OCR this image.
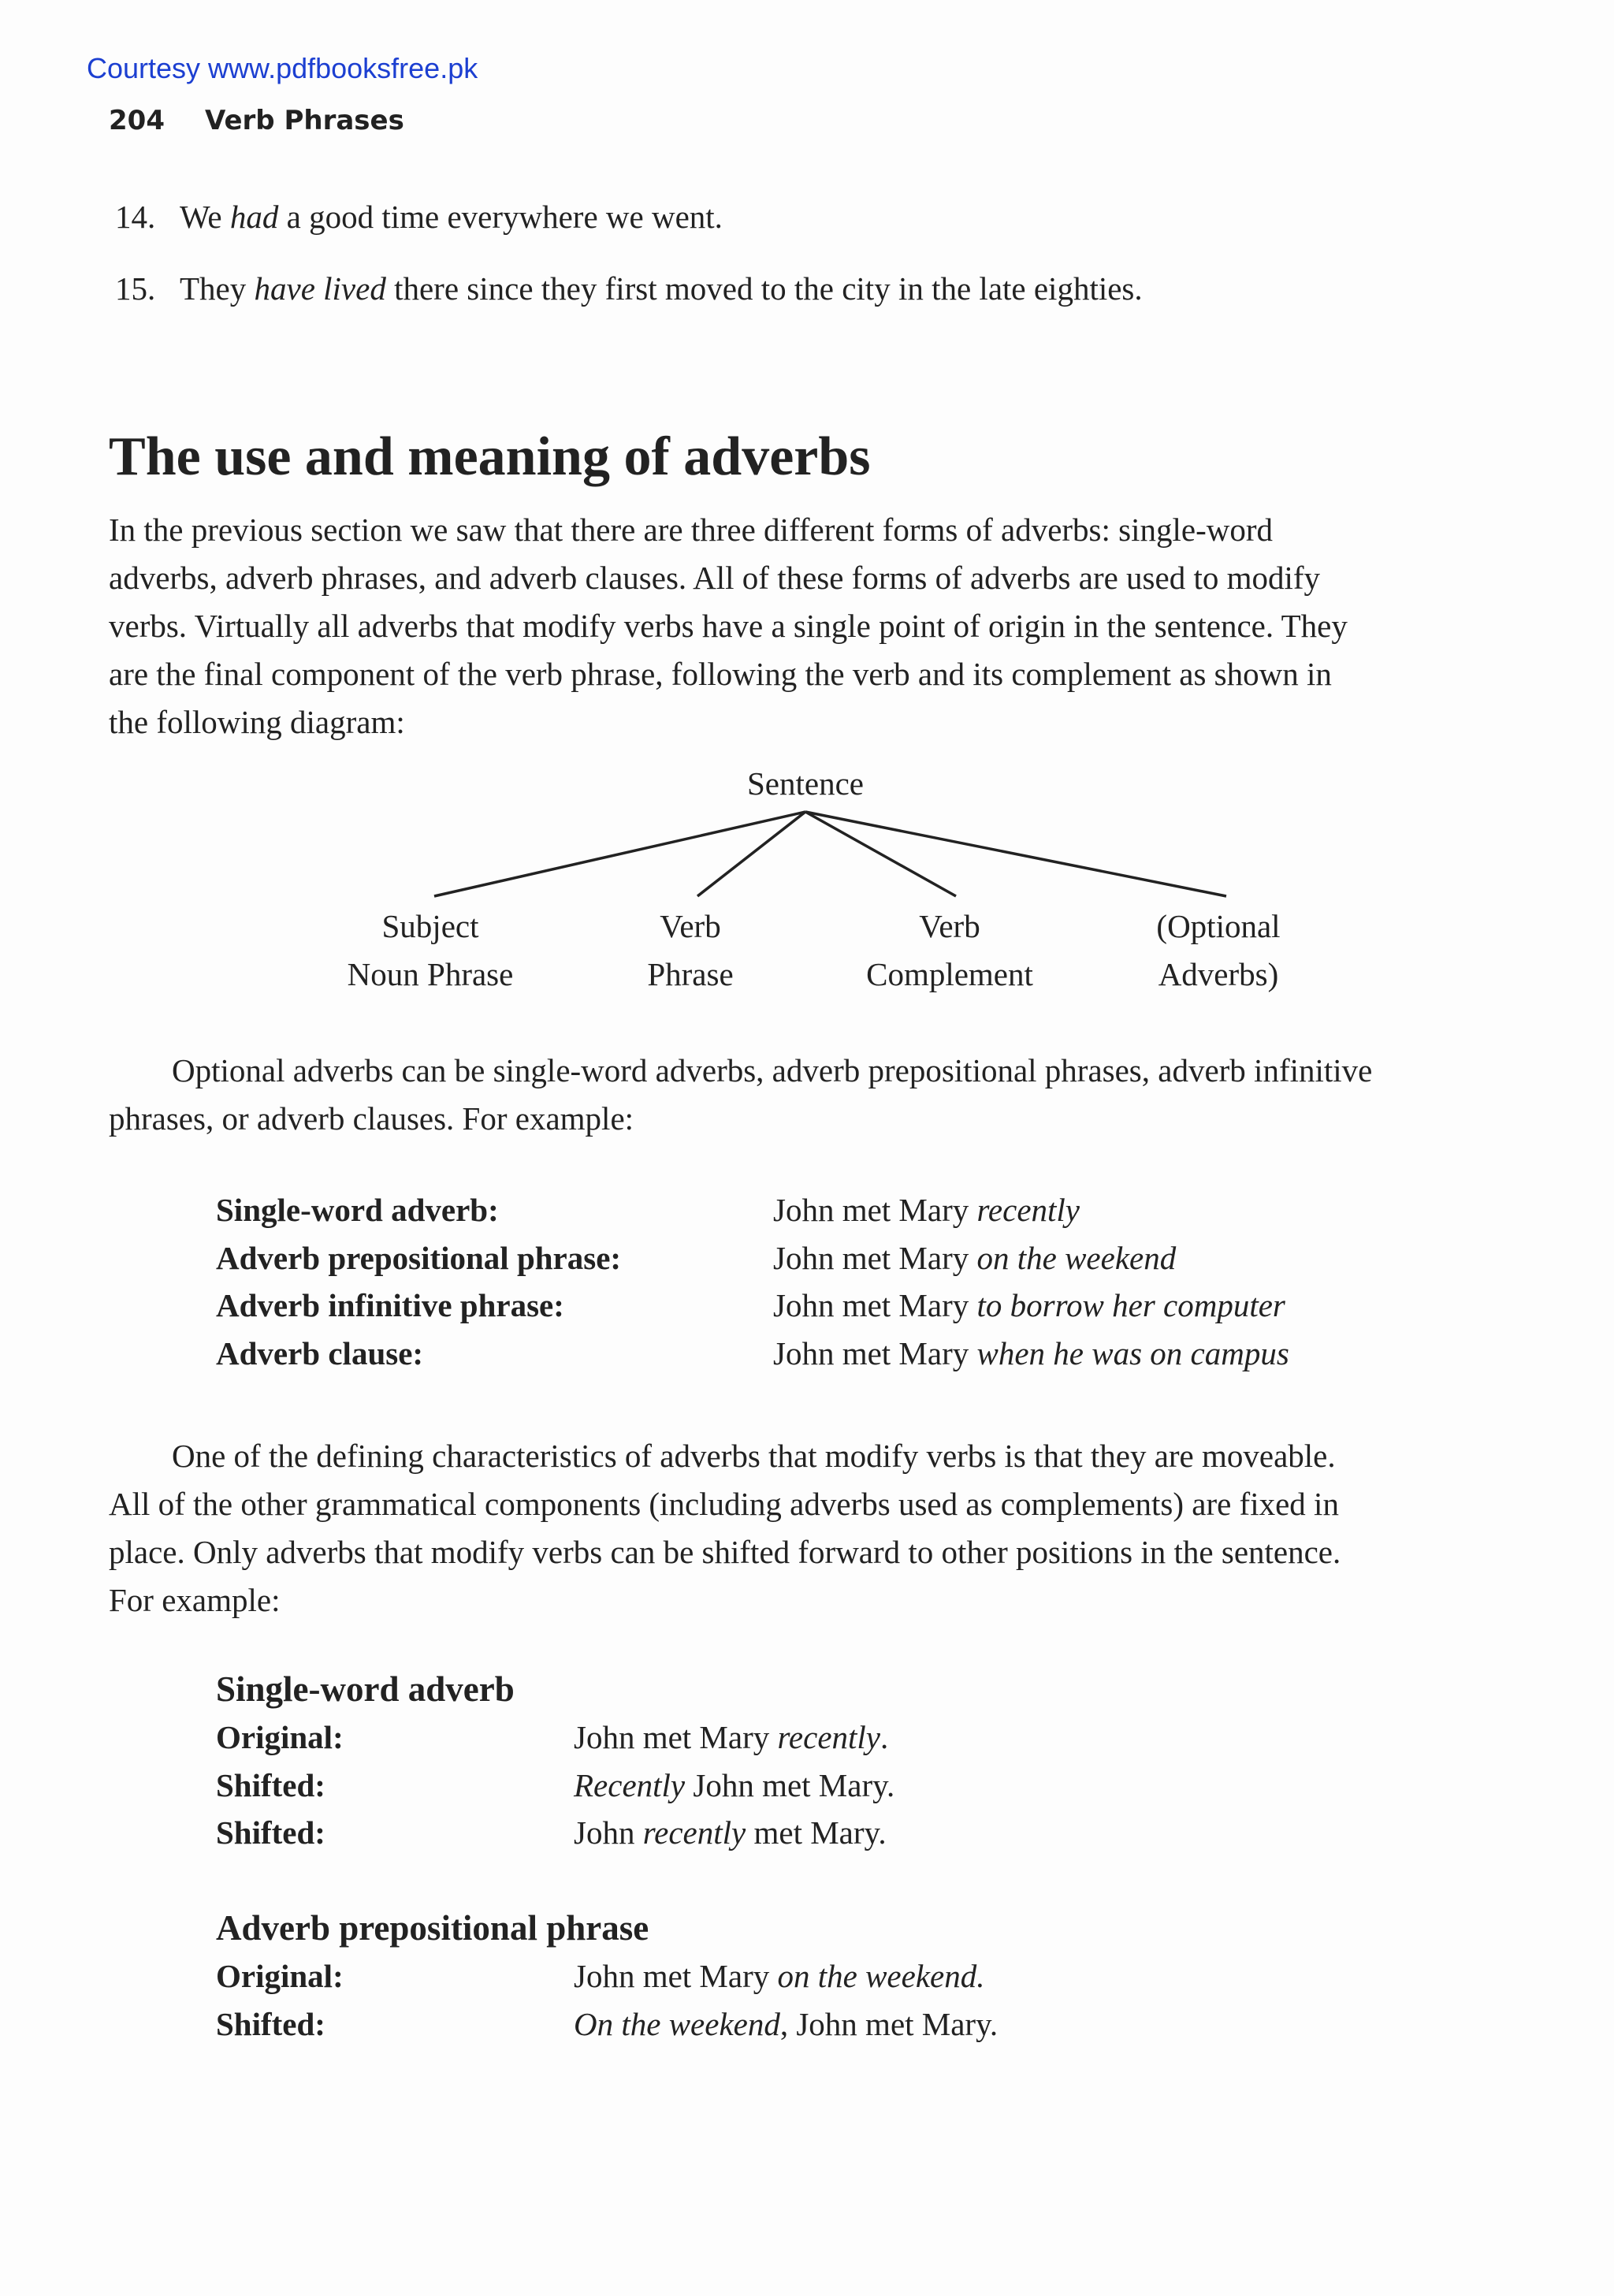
Courtesy www.pdfbooksfree.pk
204 Verb Phrases
14. We had a good time everywhere we went.
15. They have lived there since they first moved to the city in the late eighties.
The use and meaning of adverbs
In the previous section we saw that there are three different forms of adverbs: single-word
adverbs, adverb phrases, and adverb clauses. All of these forms of adverbs are used to modify
verbs. Virtually all adverbs that modify verbs have a single point of origin in the sentence. They
are the final component of the verb phrase, following the verb and its complement as shown in
the following diagram:
Sentence
Subject
Noun Phrase
Verb
Phrase
Verb
Complement
(Optional
Adverbs)
Optional adverbs can be single-word adverbs, adverb prepositional phrases, adverb infinitive
phrases, or adverb clauses. For example:
Single-word adverb:	John met Mary recently
Adverb prepositional phrase:	John met Mary on the weekend
Adverb infinitive phrase:	John met Mary to borrow her computer
Adverb clause:	John met Mary when he was on campus
One of the defining characteristics of adverbs that modify verbs is that they are moveable.
All of the other grammatical components (including adverbs used as complements) are fixed in
place. Only adverbs that modify verbs can be shifted forward to other positions in the sentence.
For example:
Single-word adverb
Original:	John met Mary recently.
Shifted:	Recently John met Mary.
Shifted:	John recently met Mary.
Adverb prepositional phrase
Original:	John met Mary on the weekend.
Shifted:	On the weekend, John met Mary.
